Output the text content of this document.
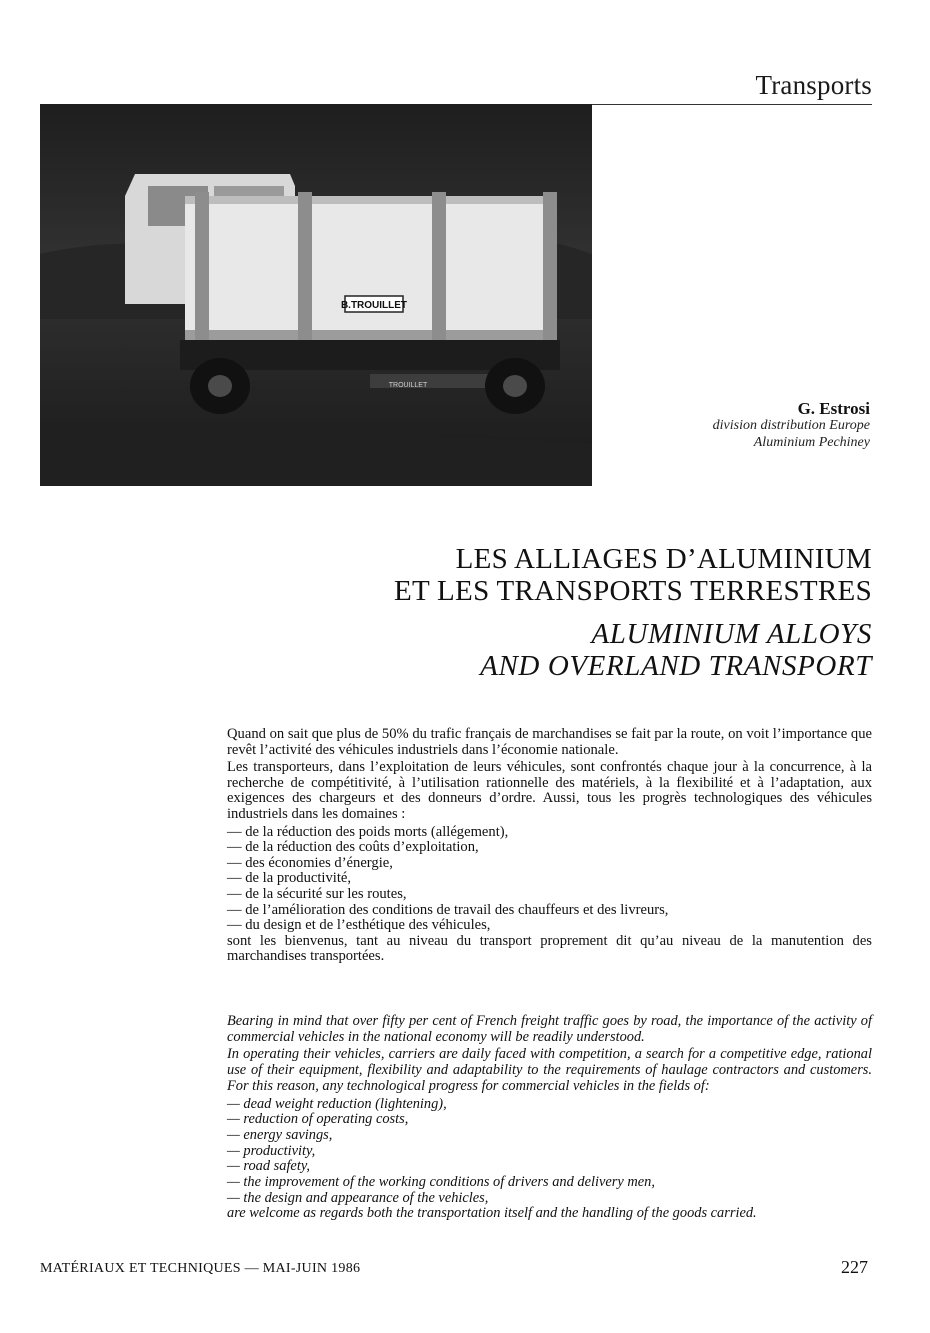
Transports
B.TROUILLET
TROUILLET
G. Estrosi
division distribution Europe
Aluminium Pechiney
LES ALLIAGES D’ALUMINIUM
ET LES TRANSPORTS TERRESTRES
ALUMINIUM ALLOYS
AND OVERLAND TRANSPORT

Quand on sait que plus de 50% du trafic français de marchandises se fait par la route, on voit l’importance que revêt l’activité des véhicules industriels dans l’économie nationale.

Les transporteurs, dans l’exploitation de leurs véhicules, sont confrontés chaque jour à la concurrence, à la recherche de compétitivité, à l’utilisation rationnelle des matériels, à la flexibilité et à l’adaptation, aux exigences des chargeurs et des donneurs d’ordre. Aussi, tous les progrès technologiques des véhicules industriels dans les domaines :

— de la réduction des poids morts (allégement),
— de la réduction des coûts d’exploitation,
— des économies d’énergie,
— de la productivité,
— de la sécurité sur les routes,
— de l’amélioration des conditions de travail des chauffeurs et des livreurs,
— du design et de l’esthétique des véhicules,

sont les bienvenus, tant au niveau du transport proprement dit qu’au niveau de la manutention des marchandises transportées.

Bearing in mind that over fifty per cent of French freight traffic goes by road, the importance of the activity of commercial vehicles in the national economy will be readily understood.

In operating their vehicles, carriers are daily faced with competition, a search for a competitive edge, rational use of their equipment, flexibility and adaptability to the requirements of haulage contractors and customers. For this reason, any technological progress for commercial vehicles in the fields of:

— dead weight reduction (lightening),
— reduction of operating costs,
— energy savings,
— productivity,
— road safety,
— the improvement of the working conditions of drivers and delivery men,
— the design and appearance of the vehicles,

are welcome as regards both the transportation itself and the handling of the goods carried.

MATÉRIAUX ET TECHNIQUES — MAI-JUIN 1986	227
